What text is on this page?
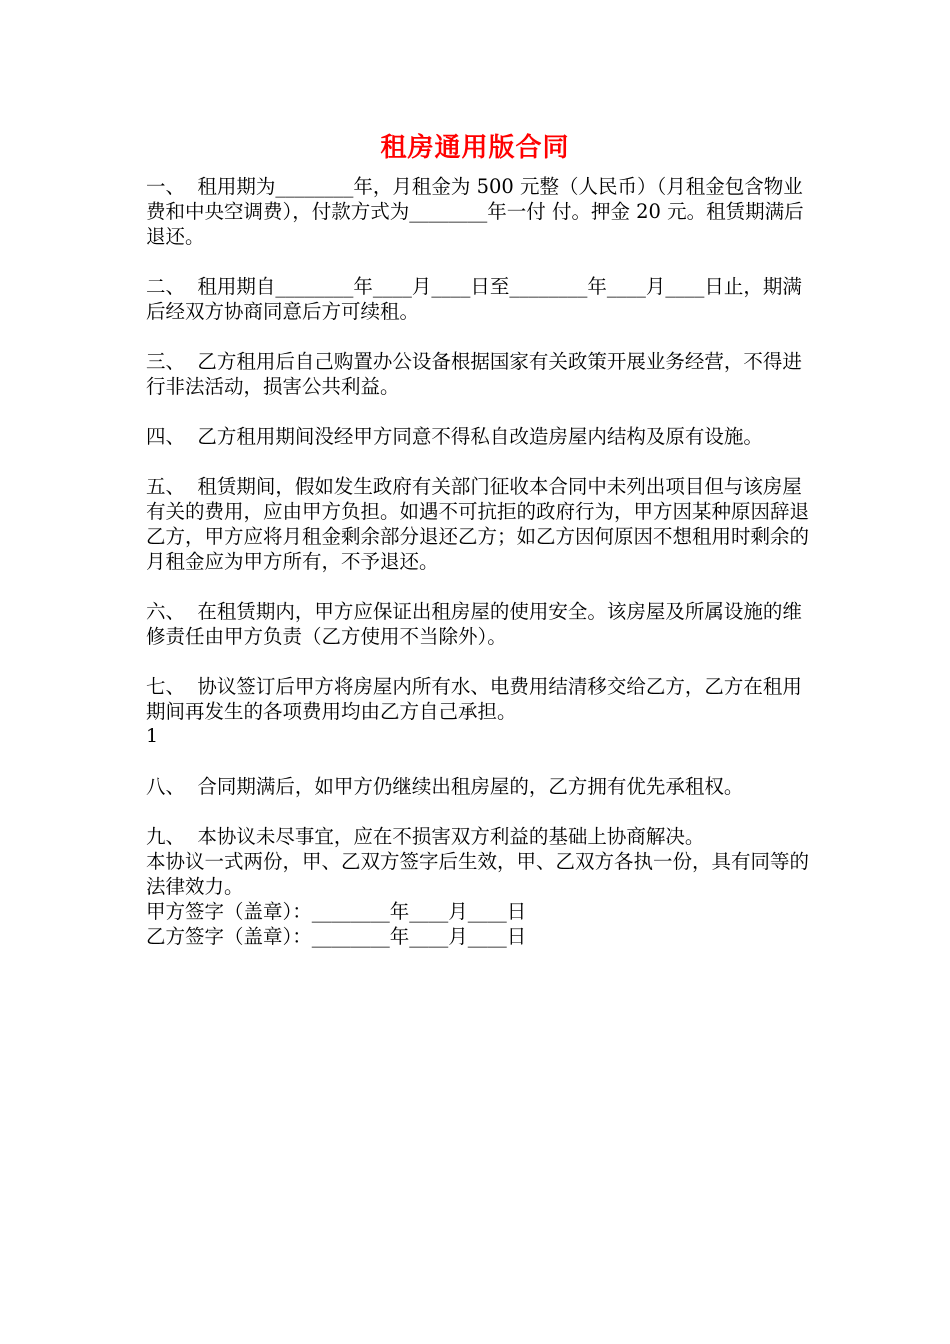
租房通用版合同

一、  租用期为________年，月租金为 500 元整（人民币）（月租金包含物业费和中央空调费），付款方式为________年一付 付。押金 20 元。租赁期满后退还。

二、  租用期自________年____月____日至________年____月____日止，期满后经双方协商同意后方可续租。

三、  乙方租用后自己购置办公设备根据国家有关政策开展业务经营，不得进行非法活动，损害公共利益。

四、  乙方租用期间没经甲方同意不得私自改造房屋内结构及原有设施。

五、  租赁期间，假如发生政府有关部门征收本合同中未列出项目但与该房屋有关的费用，应由甲方负担。如遇不可抗拒的政府行为，甲方因某种原因辞退乙方，甲方应将月租金剩余部分退还乙方；如乙方因何原因不想租用时剩余的月租金应为甲方所有，不予退还。

六、  在租赁期内，甲方应保证出租房屋的使用安全。该房屋及所属设施的维修责任由甲方负责（乙方使用不当除外）。

七、  协议签订后甲方将房屋内所有水、电费用结清移交给乙方，乙方在租用期间再发生的各项费用均由乙方自己承担。

1

八、  合同期满后，如甲方仍继续出租房屋的，乙方拥有优先承租权。

九、  本协议未尽事宜，应在不损害双方利益的基础上协商解决。

本协议一式两份，甲、乙双方签字后生效，甲、乙双方各执一份，具有同等的法律效力。

甲方签字（盖章）：________年____月____日

乙方签字（盖章）：________年____月____日
